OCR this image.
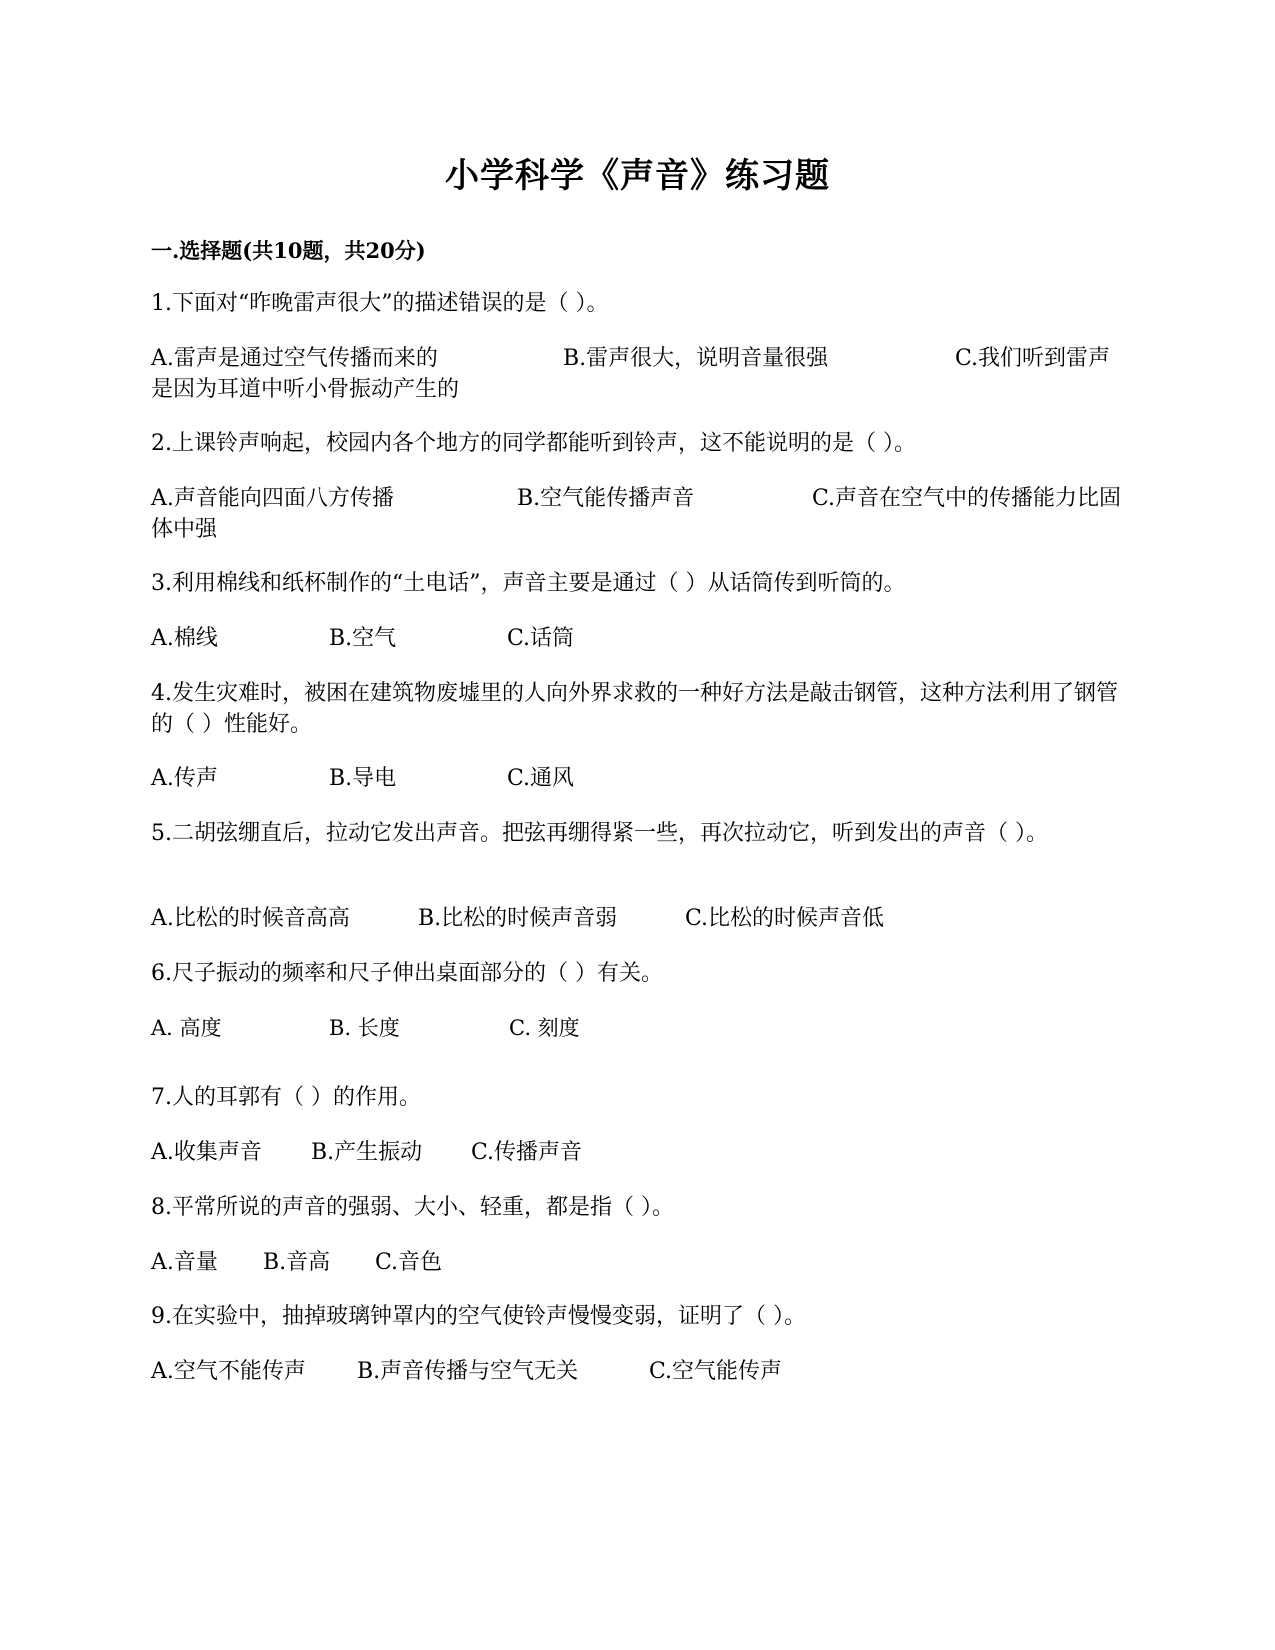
小学科学《声音》练习题
一.选择题(共10题，共20分)
1.下面对“昨晚雷声很大”的描述错误的是（ ）。
A.雷声是通过空气传播而来的	B.雷声很大，说明音量很强	C.我们听到雷声是因为耳道中听小骨振动产生的
2.上课铃声响起，校园内各个地方的同学都能听到铃声，这不能说明的是（ ）。
A.声音能向四面八方传播	B.空气能传播声音	C.声音在空气中的传播能力比固体中强
3.利用棉线和纸杯制作的“土电话”，声音主要是通过（ ）从话筒传到听筒的。
A.棉线	B.空气	C.话筒
4.发生灾难时，被困在建筑物废墟里的人向外界求救的一种好方法是敲击钢管，这种方法利用了钢管的（ ）性能好。
A.传声	B.导电	C.通风
5.二胡弦绷直后，拉动它发出声音。把弦再绷得紧一些，再次拉动它，听到发出的声音（ ）。
A.比松的时候音高高	B.比松的时候声音弱	C.比松的时候声音低
6.尺子振动的频率和尺子伸出桌面部分的（ ）有关。
A. 高度	B. 长度	C. 刻度
7.人的耳郭有（ ）的作用。
A.收集声音 B.产生振动 C.传播声音
8.平常所说的声音的强弱、大小、轻重，都是指（ ）。
A.音量 B.音高 C.音色
9.在实验中，抽掉玻璃钟罩内的空气使铃声慢慢变弱，证明了（ ）。
A.空气不能传声 B.声音传播与空气无关	C.空气能传声
